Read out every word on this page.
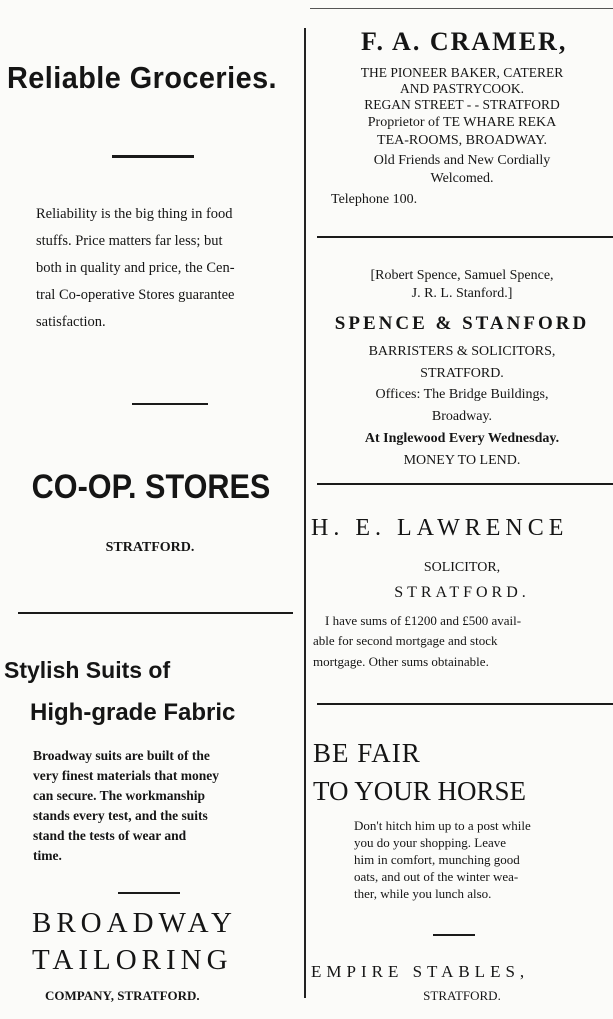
Reliable Groceries.
Reliability is the big thing in food
stuffs. Price matters far less; but
both in quality and price, the Cen-
tral Co-operative Stores guarantee
satisfaction.
CO-OP. STORES
STRATFORD.
Stylish Suits of
High-grade Fabric
Broadway suits are built of the
very finest materials that money
can secure. The workmanship
stands every test, and the suits
stand the tests of wear and
time.
BROADWAY
TAILORING
COMPANY, STRATFORD.
F. A. CRAMER,
THE PIONEER BAKER, CATERER
AND PASTRYCOOK.
REGAN STREET - - STRATFORD
Proprietor of TE WHARE REKA
TEA-ROOMS, BROADWAY.
Old Friends and New Cordially
Welcomed.
Telephone 100.
[Robert Spence, Samuel Spence,
J. R. L. Stanford.]
SPENCE & STANFORD
BARRISTERS & SOLICITORS,
STRATFORD.
Offices: The Bridge Buildings,
Broadway.
At Inglewood Every Wednesday.
MONEY TO LEND.
H. E. LAWRENCE
SOLICITOR,
STRATFORD.
I have sums of £1200 and £500 avail-
able for second mortgage and stock
mortgage. Other sums obtainable.
BE FAIR
TO YOUR HORSE
Don't hitch him up to a post while
you do your shopping. Leave
him in comfort, munching good
oats, and out of the winter wea-
ther, while you lunch also.
EMPIRE STABLES,
STRATFORD.
